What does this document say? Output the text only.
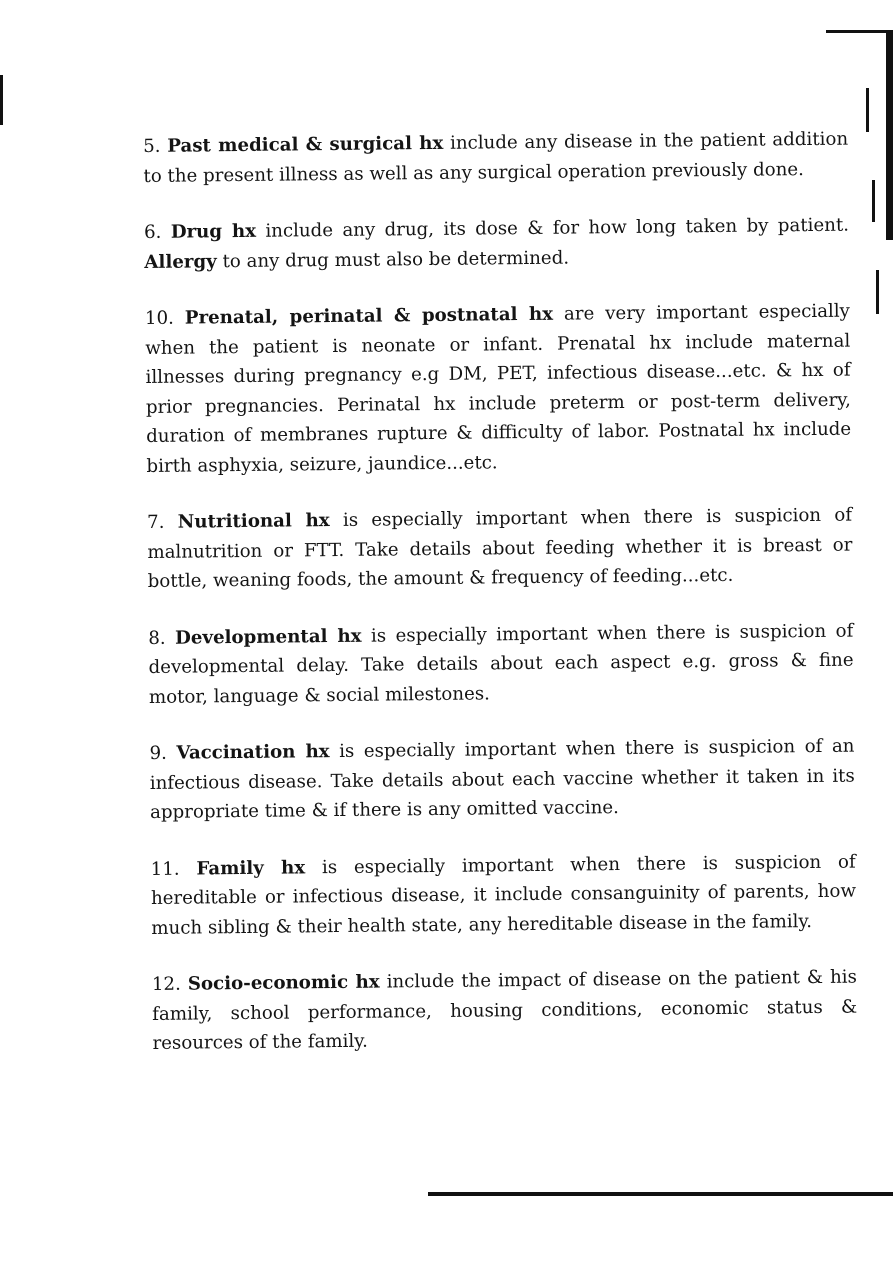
5. Past medical & surgical hx include any disease in the patient addition to the present illness as well as any surgical operation previously done.

6. Drug hx include any drug, its dose & for how long taken by patient. Allergy to any drug must also be determined.

10. Prenatal, perinatal & postnatal hx are very important especially when the patient is neonate or infant. Prenatal hx include maternal illnesses during pregnancy e.g DM, PET, infectious disease...etc. & hx of prior pregnancies. Perinatal hx include preterm or post-term delivery, duration of membranes rupture & difficulty of labor. Postnatal hx include birth asphyxia, seizure, jaundice...etc.

7. Nutritional hx is especially important when there is suspicion of malnutrition or FTT. Take details about feeding whether it is breast or bottle, weaning foods, the amount & frequency of feeding...etc.

8. Developmental hx is especially important when there is suspicion of developmental delay. Take details about each aspect e.g. gross & fine motor, language & social milestones.

9. Vaccination hx is especially important when there is suspicion of an infectious disease. Take details about each vaccine whether it taken in its appropriate time & if there is any omitted vaccine.

11. Family hx is especially important when there is suspicion of hereditable or infectious disease, it include consanguinity of parents, how much sibling & their health state, any hereditable disease in the family.

12. Socio-economic hx include the impact of disease on the patient & his family, school performance, housing conditions, economic status & resources of the family.
